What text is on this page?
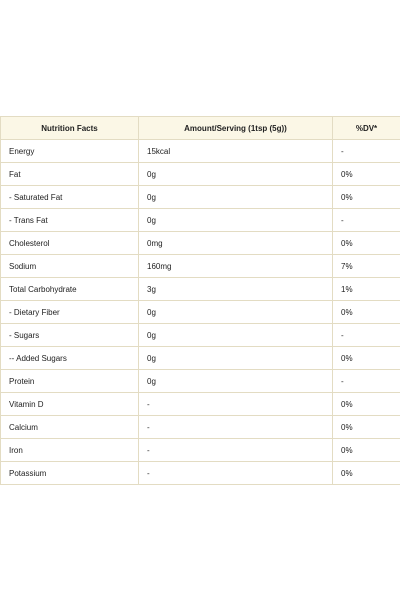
Nutrition Facts	Amount/Serving (1tsp (5g))	%DV*
Energy	15kcal	-
Fat	0g	0%
- Saturated Fat	0g	0%
- Trans Fat	0g	-
Cholesterol	0mg	0%
Sodium	160mg	7%
Total Carbohydrate	3g	1%
- Dietary Fiber	0g	0%
- Sugars	0g	-
-- Added Sugars	0g	0%
Protein	0g	-
Vitamin D	-	0%
Calcium	-	0%
Iron	-	0%
Potassium	-	0%
